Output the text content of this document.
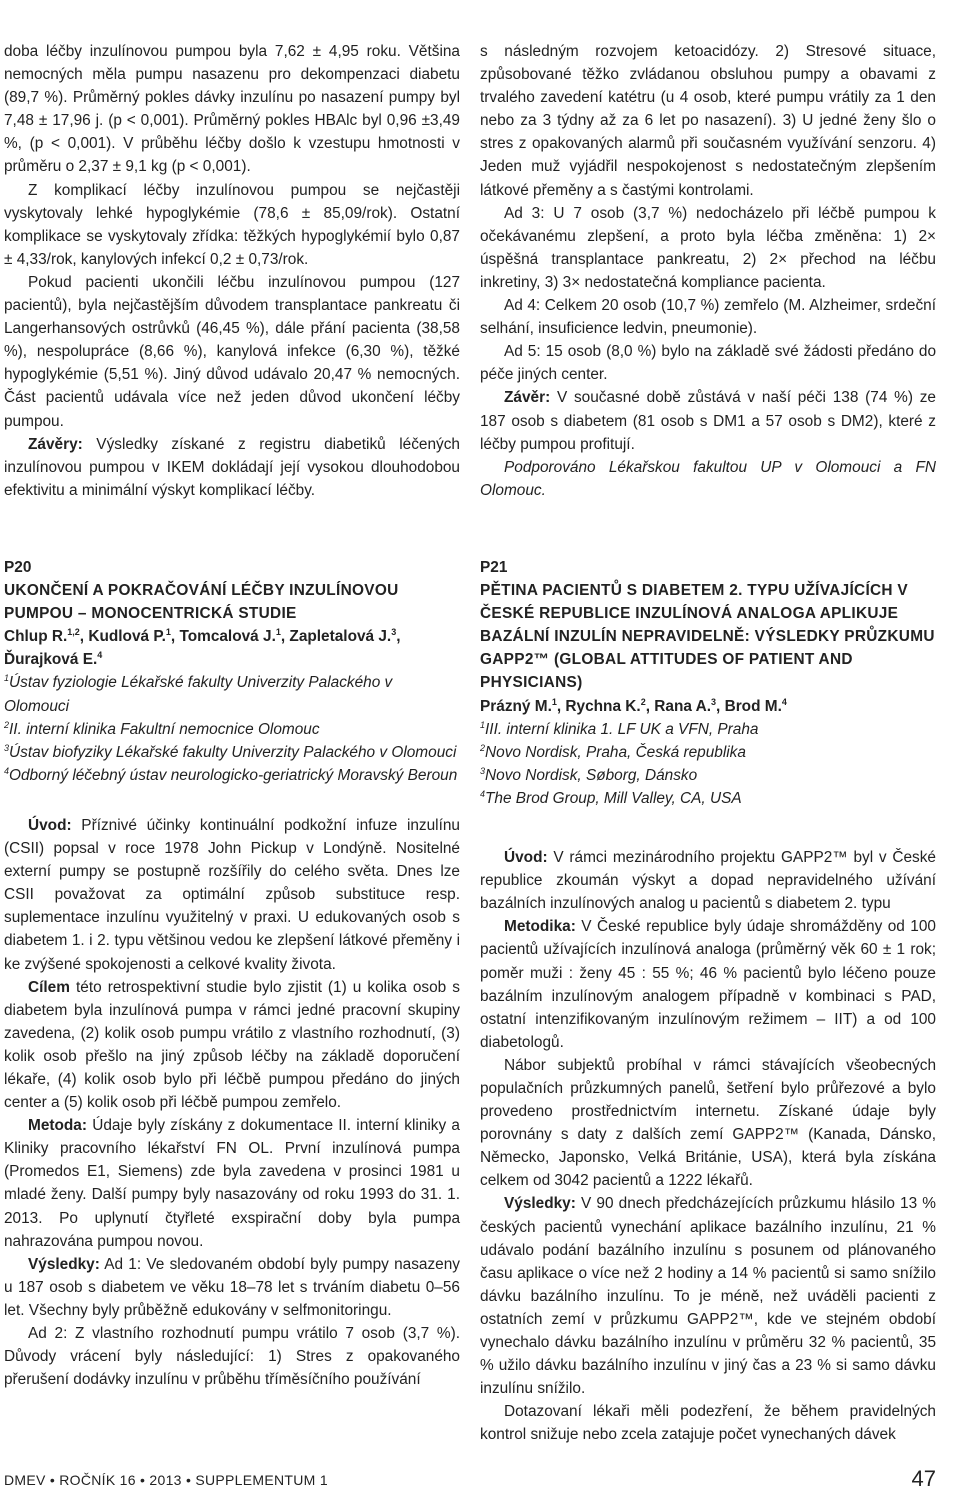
doba léčby inzulínovou pumpou byla 7,62 ± 4,95 roku. Většina nemocných měla pumpu nasazenu pro dekompenzaci diabetu (89,7 %). Průměrný pokles dávky inzulínu po nasazení pumpy byl 7,48 ± 17,96 j. (p < 0,001). Průměrný pokles HBAlc byl 0,96 ±3,49 %, (p < 0,001). V průběhu léčby došlo k vzestupu hmotnosti v průměru o 2,37 ± 9,1 kg (p < 0,001).

Z komplikací léčby inzulínovou pumpou se nejčastěji vyskytovaly lehké hypoglykémie (78,6 ± 85,09/rok). Ostatní komplikace se vyskytovaly zřídka: těžkých hypoglykémií bylo 0,87 ± 4,33/rok, kanylových infekcí 0,2 ± 0,73/rok.

Pokud pacienti ukončili léčbu inzulínovou pumpou (127 pacientů), byla nejčastějším důvodem transplantace pankreatu či Langerhansových ostrůvků (46,45 %), dále přání pacienta (38,58 %), nespolupráce (8,66 %), kanylová infekce (6,30 %), těžké hypoglykémie (5,51 %). Jiný důvod udávalo 20,47 % nemocných. Část pacientů udávala více než jeden důvod ukončení léčby pumpou.

Závěry: Výsledky získané z registru diabetiků léčených inzulínovou pumpou v IKEM dokládají její vysokou dlouhodobou efektivitu a minimální výskyt komplikací léčby.

s následným rozvojem ketoacidózy. 2) Stresové situace, způsobované těžko zvládanou obsluhou pumpy a obavami z trvalého zavedení katétru (u 4 osob, které pumpu vrátily za 1 den nebo za 3 týdny až za 6 let po nasazení). 3) U jedné ženy šlo o stres z opakovaných alarmů při současném využívání senzoru. 4) Jeden muž vyjádřil nespokojenost s nedostatečným zlepšením látkové přeměny a s častými kontrolami.

Ad 3: U 7 osob (3,7 %) nedocházelo při léčbě pumpou k očekávanému zlepšení, a proto byla léčba změněna: 1) 2× úspěšná transplantace pankreatu, 2) 2× přechod na léčbu inkretiny, 3) 3× nedostatečná kompliance pacienta.

Ad 4: Celkem 20 osob (10,7 %) zemřelo (M. Alzheimer, srdeční selhání, insuficience ledvin, pneumonie).

Ad 5: 15 osob (8,0 %) bylo na základě své žádosti předáno do péče jiných center.

Závěr: V současné době zůstává v naší péči 138 (74 %) ze 187 osob s diabetem (81 osob s DM1 a 57 osob s DM2), které z léčby pumpou profitují.

Podporováno Lékařskou fakultou UP v Olomouci a FN Olomouc.

P20
UKONČENÍ A POKRAČOVÁNÍ LÉČBY INZULÍNOVOU PUMPOU – MONOCENTRICKÁ STUDIE
Chlup R.$^{1,2}$, Kudlová P.$^1$, Tomcalová J.$^1$, Zapletalová J.$^3$, Ďurajková E.$^4$
$^1$Ústav fyziologie Lékařské fakulty Univerzity Palackého v Olomouci
$^2$II. interní klinika Fakultní nemocnice Olomouc
$^3$Ústav biofyziky Lékařské fakulty Univerzity Palackého v Olomouci
$^4$Odborný léčebný ústav neurologicko-geriatrický Moravský Beroun

Úvod: Příznivé účinky kontinuální podkožní infuze inzulínu (CSII) popsal v roce 1978 John Pickup v Londýně. Nositelné externí pumpy se postupně rozšířily do celého světa. Dnes lze CSII považovat za optimální způsob substituce resp. suplementace inzulínu využitelný v praxi. U edukovaných osob s diabetem 1. i 2. typu většinou vedou ke zlepšení látkové přeměny i ke zvýšené spokojenosti a celkové kvality života.

Cílem této retrospektivní studie bylo zjistit (1) u kolika osob s diabetem byla inzulínová pumpa v rámci jedné pracovní skupiny zavedena, (2) kolik osob pumpu vrátilo z vlastního rozhodnutí, (3) kolik osob přešlo na jiný způsob léčby na základě doporučení lékaře, (4) kolik osob bylo při léčbě pumpou předáno do jiných center a (5) kolik osob při léčbě pumpou zemřelo.

Metoda: Údaje byly získány z dokumentace II. interní kliniky a Kliniky pracovního lékařství FN OL. První inzulínová pumpa (Promedos E1, Siemens) zde byla zavedena v prosinci 1981 u mladé ženy. Další pumpy byly nasazovány od roku 1993 do 31. 1. 2013. Po uplynutí čtyřleté exspirační doby byla pumpa nahrazována pumpou novou.

Výsledky: Ad 1: Ve sledovaném období byly pumpy nasazeny u 187 osob s diabetem ve věku 18–78 let s trváním diabetu 0–56 let. Všechny byly průběžně edukovány v selfmonitoringu.

Ad 2: Z vlastního rozhodnutí pumpu vrátilo 7 osob (3,7 %). Důvody vrácení byly následující: 1) Stres z opakovaného přerušení dodávky inzulínu v průběhu tříměsíčního používání

P21
PĚTINA PACIENTŮ S DIABETEM 2. TYPU UŽÍVAJÍCÍCH V ČESKÉ REPUBLICE INZULÍNOVÁ ANALOGA APLIKUJE BAZÁLNÍ INZULÍN NEPRAVIDELNĚ: VÝSLEDKY PRŮZKUMU GAPP2™ (GLOBAL ATTITUDES OF PATIENT AND PHYSICIANS)
Prázný M.$^1$, Rychna K.$^2$, Rana A.$^3$, Brod M.$^4$
$^1$III. interní klinika 1. LF UK a VFN, Praha
$^2$Novo Nordisk, Praha, Česká republika
$^3$Novo Nordisk, Søborg, Dánsko
$^4$The Brod Group, Mill Valley, CA, USA

Úvod: V rámci mezinárodního projektu GAPP2™ byl v České republice zkoumán výskyt a dopad nepravidelného užívání bazálních inzulínových analog u pacientů s diabetem 2. typu

Metodika: V České republice byly údaje shromážděny od 100 pacientů užívajících inzulínová analoga (průměrný věk 60 ± 1 rok; poměr muži : ženy 45 : 55 %; 46 % pacientů bylo léčeno pouze bazálním inzulínovým analogem případně v kombinaci s PAD, ostatní intenzifikovaným inzulínovým režimem – IIT) a od 100 diabetologů.

Nábor subjektů probíhal v rámci stávajících všeobecných populačních průzkumných panelů, šetření bylo průřezové a bylo provedeno prostřednictvím internetu. Získané údaje byly porovnány s daty z dalších zemí GAPP2™ (Kanada, Dánsko, Německo, Japonsko, Velká Británie, USA), která byla získána celkem od 3042 pacientů a 1222 lékařů.

Výsledky: V 90 dnech předcházejících průzkumu hlásilo 13 % českých pacientů vynechání aplikace bazálního inzulínu, 21 % udávalo podání bazálního inzulínu s posunem od plánovaného času aplikace o více než 2 hodiny a 14 % pacientů si samo snížilo dávku bazálního inzulínu. To je méně, než uváděli pacienti z ostatních zemí v průzkumu GAPP2™, kde ve stejném období vynechalo dávku bazálního inzulínu v průměru 32 % pacientů, 35 % užilo dávku bazálního inzulínu v jiný čas a 23 % si samo dávku inzulínu snížilo.

Dotazovaní lékaři měli podezření, že během pravidelných kontrol snižuje nebo zcela zatajuje počet vynechaných dávek

DMEV • ROČNÍK 16 • 2013 • SUPPLEMENTUM 1	47
